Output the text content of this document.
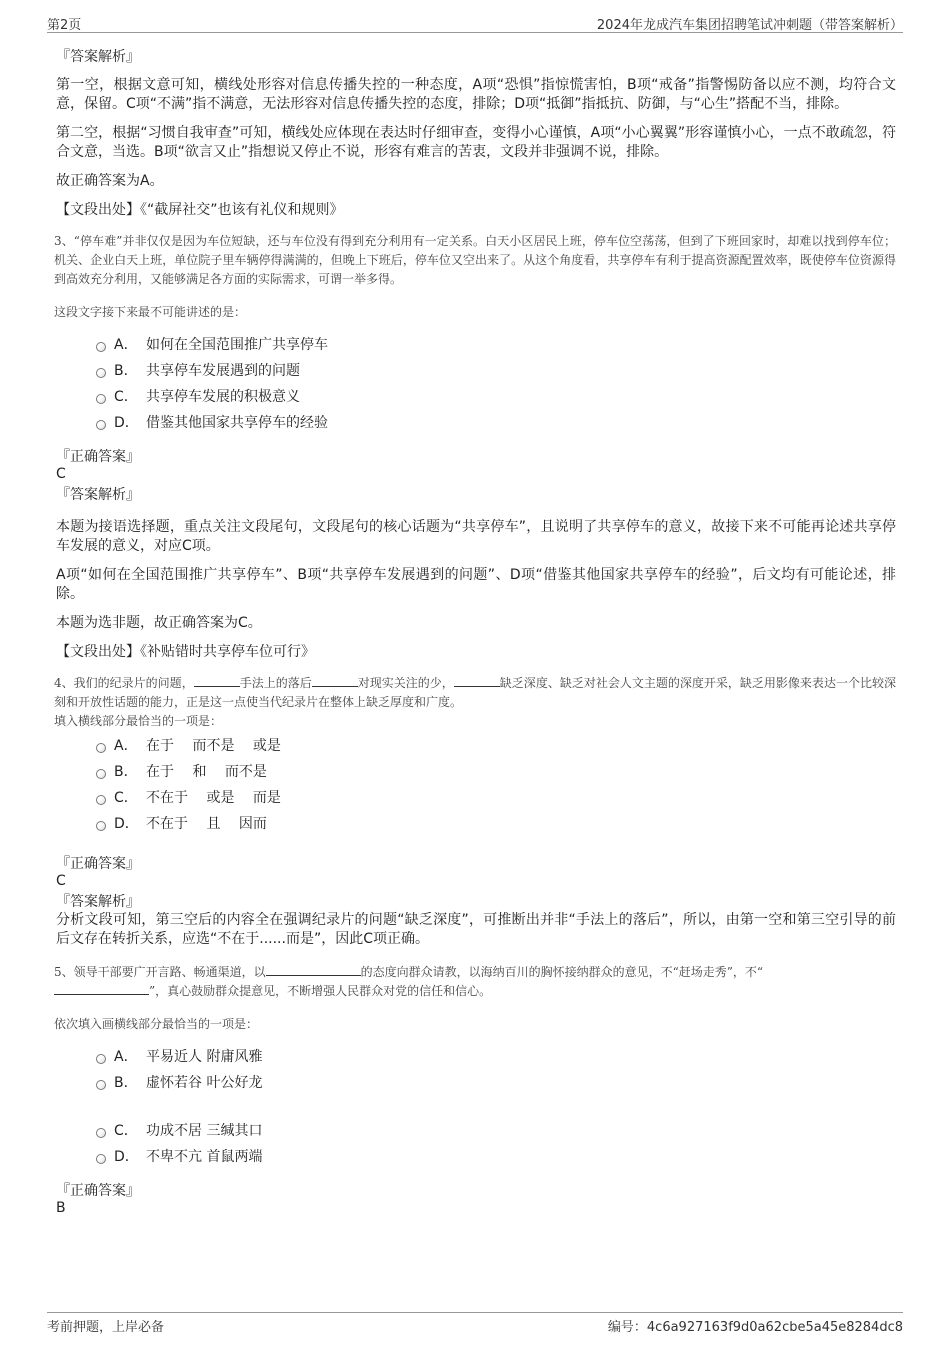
第2页	2024年龙成汽车集团招聘笔试冲刺题（带答案解析）
『答案解析』

第一空，根据文意可知，横线处形容对信息传播失控的一种态度，A项“恐惧”指惊慌害怕，B项“戒备”指警惕防备以应不测，均符合文意，保留。C项“不满”指不满意，无法形容对信息传播失控的态度，排除；D项“抵御”指抵抗、防御，与“心生”搭配不当，排除。

第二空，根据“习惯自我审查”可知，横线处应体现在表达时仔细审查，变得小心谨慎，A项“小心翼翼”形容谨慎小心，一点不敢疏忽，符合文意，当选。B项“欲言又止”指想说又停止不说，形容有难言的苦衷，文段并非强调不说，排除。

故正确答案为A。

【文段出处】《“截屏社交”也该有礼仪和规则》

3、“停车难”并非仅仅是因为车位短缺，还与车位没有得到充分利用有一定关系。白天小区居民上班，停车位空荡荡，但到了下班回家时，却难以找到停车位；机关、企业白天上班，单位院子里车辆停得满满的，但晚上下班后，停车位又空出来了。从这个角度看，共享停车有利于提高资源配置效率，既使停车位资源得到高效充分利用，又能够满足各方面的实际需求，可谓一举多得。

这段文字接下来最不可能讲述的是：

A． 如何在全国范围推广共享停车
B． 共享停车发展遇到的问题
C． 共享停车发展的积极意义
D． 借鉴其他国家共享停车的经验
『正确答案』
C
『答案解析』

本题为接语选择题，重点关注文段尾句，文段尾句的核心话题为“共享停车”，且说明了共享停车的意义，故接下来不可能再论述共享停车发展的意义，对应C项。

A项“如何在全国范围推广共享停车”、B项“共享停车发展遇到的问题”、D项“借鉴其他国家共享停车的经验”，后文均有可能论述，排除。

本题为选非题，故正确答案为C。

【文段出处】《补贴错时共享停车位可行》

4、我们的纪录片的问题，	手法上的落后	对现实关注的少，	缺乏深度、缺乏对社会人文主题的深度开采，缺乏用影像来表达一个比较深刻和开放性话题的能力，正是这一点使当代纪录片在整体上缺乏厚度和广度。

填入横线部分最恰当的一项是：

A． 在于　 而不是　 或是
B． 在于　 和　 而不是
C． 不在于　 或是　 而是
D． 不在于　 且　 因而
『正确答案』
C
『答案解析』

分析文段可知，第三空后的内容全在强调纪录片的问题“缺乏深度”，可推断出并非“手法上的落后”，所以，由第一空和第三空引导的前后文存在转折关系，应选“不在于......而是”，因此C项正确。

5、领导干部要广开言路、畅通渠道，以	的态度向群众请教，以海纳百川的胸怀接纳群众的意见，不“赶场走秀”，不“
”，真心鼓励群众提意见，不断增强人民群众对党的信任和信心。

依次填入画横线部分最恰当的一项是：

A． 平易近人 附庸风雅
B． 虚怀若谷 叶公好龙
C． 功成不居 三缄其口
D． 不卑不亢 首鼠两端
『正确答案』
B
考前押题，上岸必备	编号：4c6a927163f9d0a62cbe5a45e8284dc8
